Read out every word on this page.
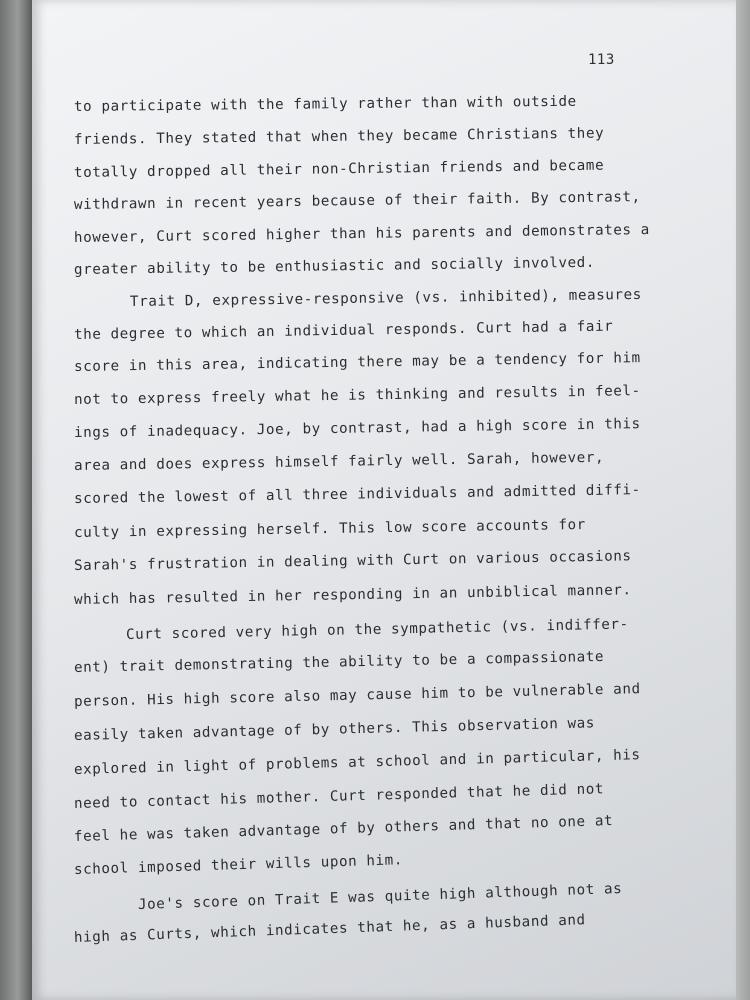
113
to participate with the family rather than with outside
friends. They stated that when they became Christians they
totally dropped all their non-Christian friends and became
withdrawn in recent years because of their faith. By contrast,
however, Curt scored higher than his parents and demonstrates a
greater ability to be enthusiastic and socially involved.
Trait D, expressive-responsive (vs. inhibited), measures
the degree to which an individual responds. Curt had a fair
score in this area, indicating there may be a tendency for him
not to express freely what he is thinking and results in feel-
ings of inadequacy. Joe, by contrast, had a high score in this
area and does express himself fairly well. Sarah, however,
scored the lowest of all three individuals and admitted diffi-
culty in expressing herself. This low score accounts for
Sarah's frustration in dealing with Curt on various occasions
which has resulted in her responding in an unbiblical manner.
Curt scored very high on the sympathetic (vs. indiffer-
ent) trait demonstrating the ability to be a compassionate
person. His high score also may cause him to be vulnerable and
easily taken advantage of by others. This observation was
explored in light of problems at school and in particular, his
need to contact his mother. Curt responded that he did not
feel he was taken advantage of by others and that no one at
school imposed their wills upon him.
Joe's score on Trait E was quite high although not as
high as Curts, which indicates that he, as a husband and
